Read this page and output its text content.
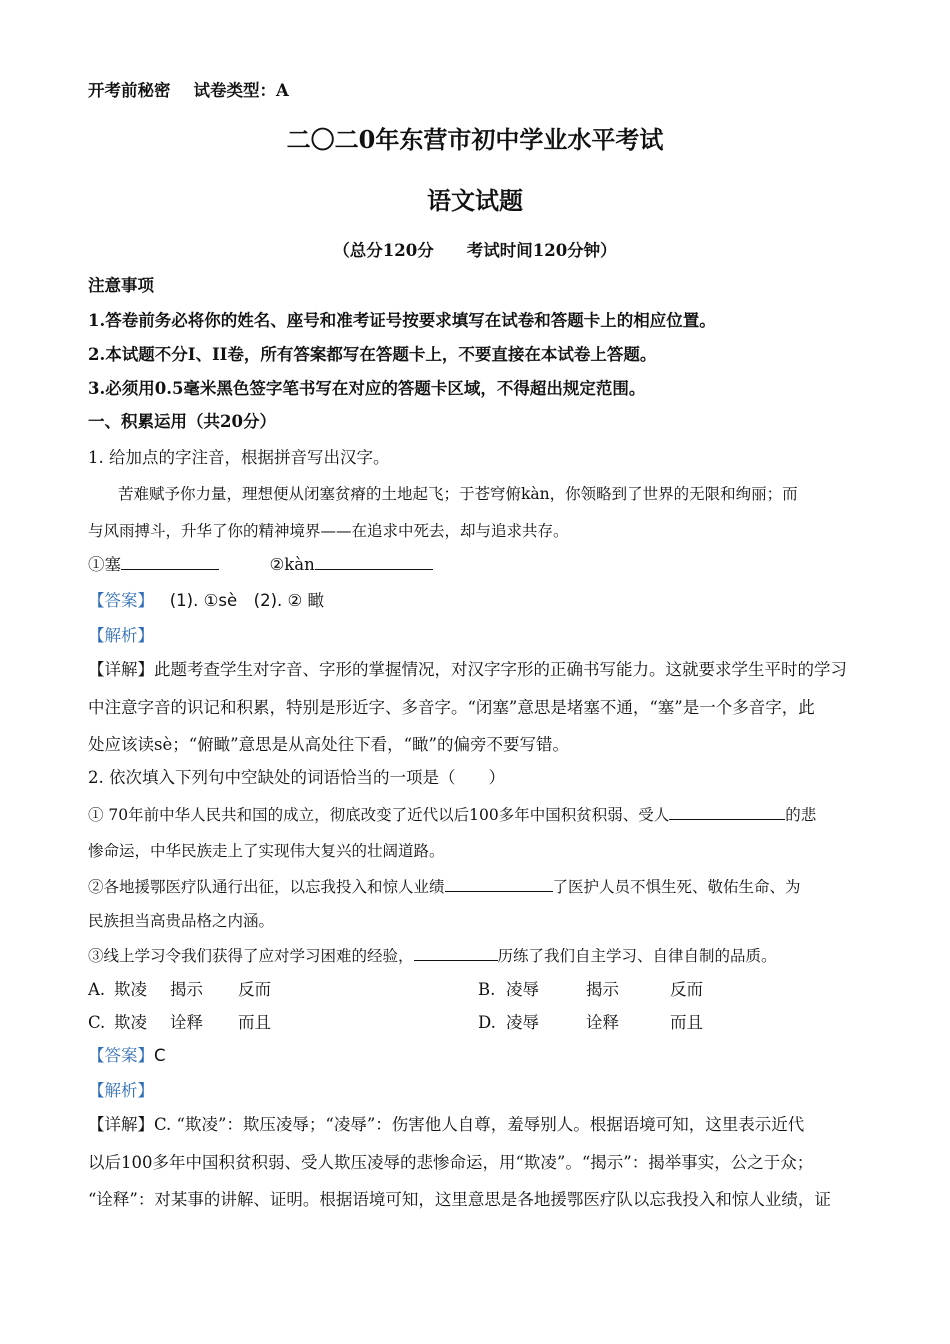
开考前秘密 试卷类型：A
二〇二0年东营市初中学业水平考试
语文试题
（总分120分　　考试时间120分钟）
注意事项
1.答卷前务必将你的姓名、座号和准考证号按要求填写在试卷和答题卡上的相应位置。
2.本试题不分I、II卷，所有答案都写在答题卡上，不要直接在本试卷上答题。
3.必须用0.5毫米黑色签字笔书写在对应的答题卡区域，不得超出规定范围。
一、积累运用（共20分）
1. 给加点的字注音，根据拼音写出汉字。
苦难赋予你力量，理想便从闭塞贫瘠的土地起飞；于苍穹俯kàn，你领略到了世界的无限和绚丽；而
与风雨搏斗，升华了你的精神境界——在追求中死去，却与追求共存。
①塞	②kàn
【答案】 (1). ①sè　(2). ② 瞰
【解析】
【详解】此题考查学生对字音、字形的掌握情况，对汉字字形的正确书写能力。这就要求学生平时的学习
中注意字音的识记和积累，特别是形近字、多音字。“闭塞”意思是堵塞不通，“塞”是一个多音字，此
处应该读sè；“俯瞰”意思是从高处往下看，“瞰”的偏旁不要写错。
2. 依次填入下列句中空缺处的词语恰当的一项是（　　）
① 70年前中华人民共和国的成立，彻底改变了近代以后100多年中国积贫积弱、受人	的悲
惨命运，中华民族走上了实现伟大复兴的壮阔道路。
②各地援鄂医疗队通行出征，以忘我投入和惊人业绩	了医护人员不惧生死、敬佑生命、为
民族担当高贵品格之内涵。
③线上学习令我们获得了应对学习困难的经验，	历练了我们自主学习、自律自制的品质。
A. 欺凌 揭示 反而	B. 凌辱	揭示	反而
C. 欺凌 诠释 而且	D. 凌辱	诠释	而且
【答案】C
【解析】
【详解】C. “欺凌”：欺压凌辱；“凌辱”：伤害他人自尊，羞辱别人。根据语境可知，这里表示近代
以后100多年中国积贫积弱、受人欺压凌辱的悲惨命运，用“欺凌”。“揭示”：揭举事实，公之于众；
“诠释”：对某事的讲解、证明。根据语境可知，这里意思是各地援鄂医疗队以忘我投入和惊人业绩，证
